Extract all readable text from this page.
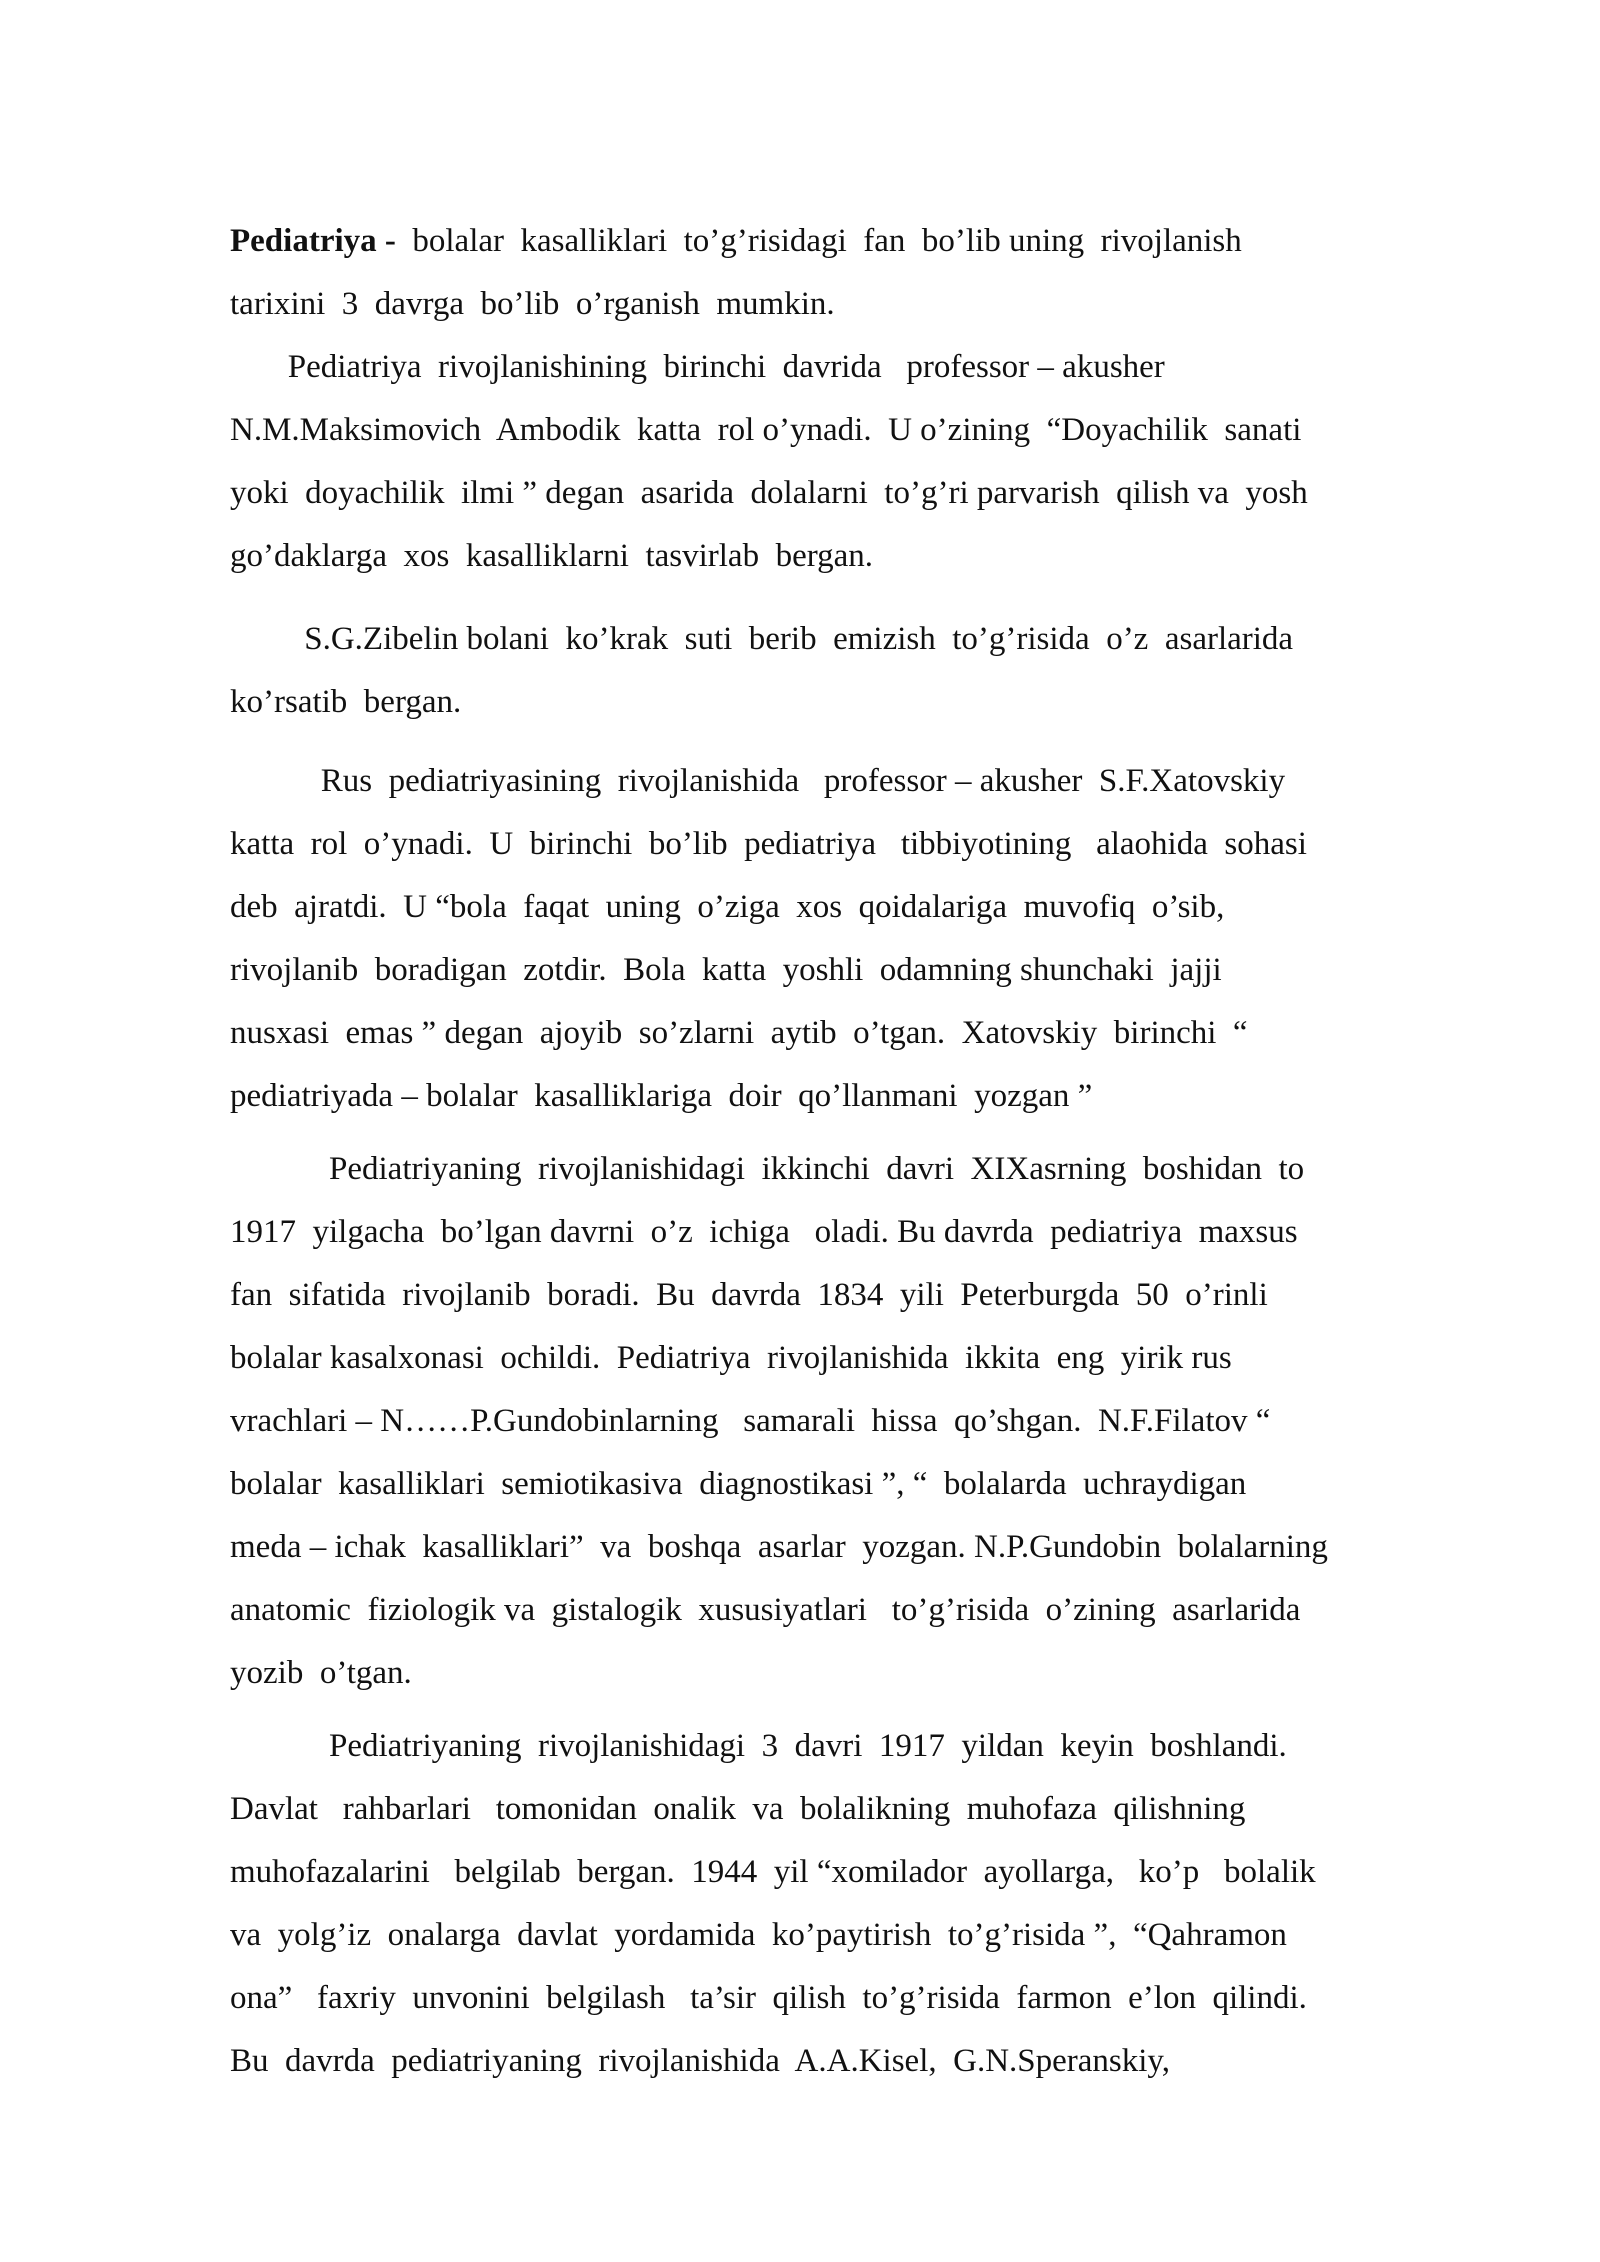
Pediatriya -  bolalar  kasalliklari  to’g’risidagi  fan  bo’lib uning  rivojlanish
tarixini  3  davrga  bo’lib  o’rganish  mumkin.
Pediatriya  rivojlanishining  birinchi  davrida   professor – akusher
N.M.Maksimovich  Ambodik  katta  rol o’ynadi.  U o’zining  “Doyachilik  sanati
yoki  doyachilik  ilmi ” degan  asarida  dolalarni  to’g’ri parvarish  qilish va  yosh
go’daklarga  xos  kasalliklarni  tasvirlab  bergan.
S.G.Zibelin bolani  ko’krak  suti  berib  emizish  to’g’risida  o’z  asarlarida
ko’rsatib  bergan.
Rus  pediatriyasining  rivojlanishida   professor – akusher  S.F.Xatovskiy
katta  rol  o’ynadi.  U  birinchi  bo’lib  pediatriya   tibbiyotining   alaohida  sohasi
deb  ajratdi.  U “bola  faqat  uning  o’ziga  xos  qoidalariga  muvofiq  o’sib,
rivojlanib  boradigan  zotdir.  Bola  katta  yoshli  odamning shunchaki  jajji
nusxasi  emas ” degan  ajoyib  so’zlarni  aytib  o’tgan.  Xatovskiy  birinchi  “
pediatriyada – bolalar  kasalliklariga  doir  qo’llanmani  yozgan ”
Pediatriyaning  rivojlanishidagi  ikkinchi  davri  XIXasrning  boshidan  to
1917  yilgacha  bo’lgan davrni  o’z  ichiga   oladi. Bu davrda  pediatriya  maxsus
fan  sifatida  rivojlanib  boradi.  Bu  davrda  1834  yili  Peterburgda  50  o’rinli
bolalar kasalxonasi  ochildi.  Pediatriya  rivojlanishida  ikkita  eng  yirik rus
vrachlari – N……P.Gundobinlarning   samarali  hissa  qo’shgan.  N.F.Filatov “
bolalar  kasalliklari  semiotikasiva  diagnostikasi ”, “  bolalarda  uchraydigan
meda – ichak  kasalliklari”  va  boshqa  asarlar  yozgan. N.P.Gundobin  bolalarning
anatomic  fiziologik va  gistalogik  xususiyatlari   to’g’risida  o’zining  asarlarida
yozib  o’tgan.
Pediatriyaning  rivojlanishidagi  3  davri  1917  yildan  keyin  boshlandi.
Davlat   rahbarlari   tomonidan  onalik  va  bolalikning  muhofaza  qilishning
muhofazalarini   belgilab  bergan.  1944  yil “xomilador  ayollarga,   ko’p   bolalik
va  yolg’iz  onalarga  davlat  yordamida  ko’paytirish  to’g’risida ”,  “Qahramon
ona”   faxriy  unvonini  belgilash   ta’sir  qilish  to’g’risida  farmon  e’lon  qilindi.
Bu  davrda  pediatriyaning  rivojlanishida  A.A.Kisel,  G.N.Speranskiy,
